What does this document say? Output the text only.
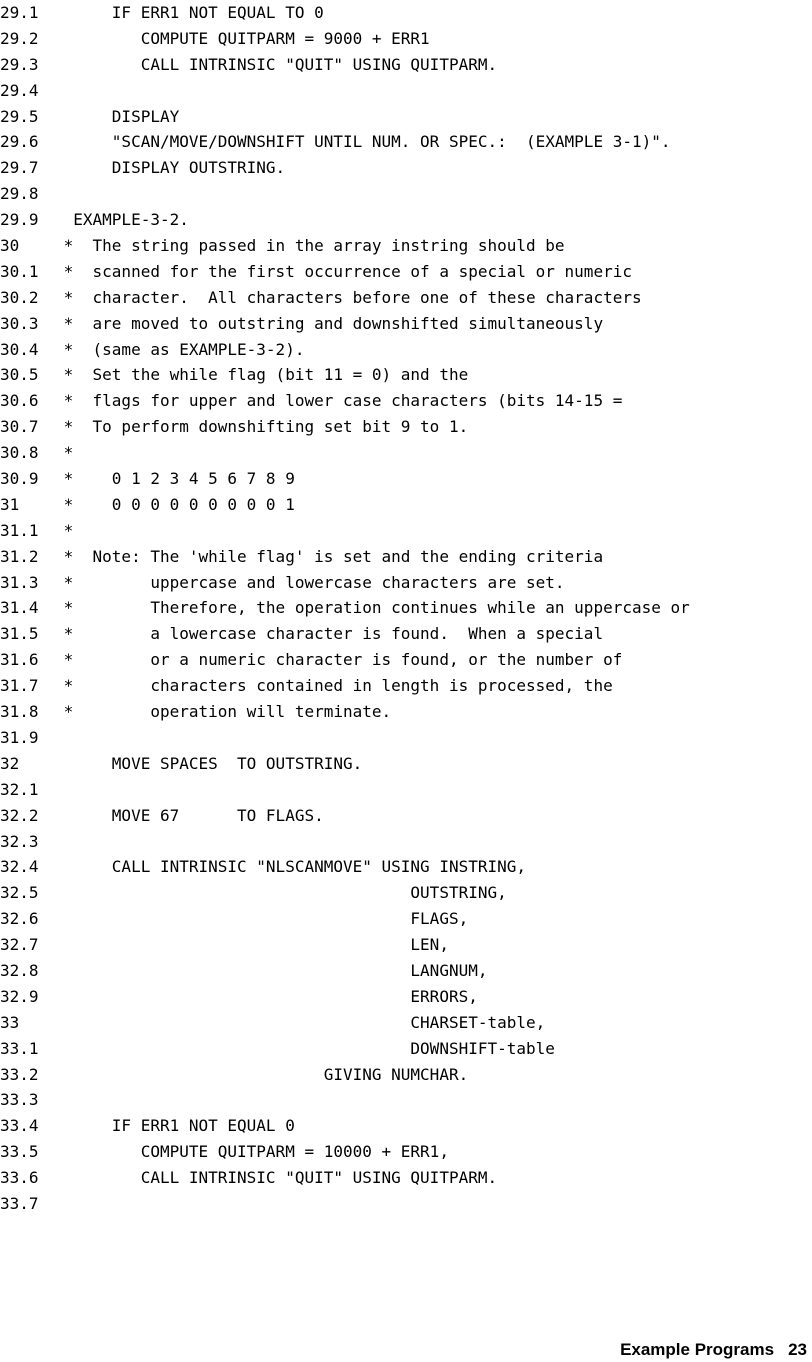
29.1 IF ERR1 NOT EQUAL TO 0
29.2 COMPUTE QUITPARM = 9000 + ERR1
29.3 CALL INTRINSIC "QUIT" USING QUITPARM.
29.4
29.5 DISPLAY
29.6 "SCAN/MOVE/DOWNSHIFT UNTIL NUM. OR SPEC.:  (EXAMPLE 3-1)".
29.7 DISPLAY OUTSTRING.
29.8
29.9 EXAMPLE-3-2.
30 *  The string passed in the array instring should be
30.1 *  scanned for the first occurrence of a special or numeric
30.2 *  character.  All characters before one of these characters
30.3 *  are moved to outstring and downshifted simultaneously
30.4 *  (same as EXAMPLE-3-2).
30.5 *  Set the while flag (bit 11 = 0) and the
30.6 *  flags for upper and lower case characters (bits 14-15 =
30.7 *  To perform downshifting set bit 9 to 1.
30.8 *
30.9 *    0 1 2 3 4 5 6 7 8 9
31 *    0 0 0 0 0 0 0 0 0 1
31.1 *
31.2 *  Note: The 'while flag' is set and the ending criteria
31.3 *        uppercase and lowercase characters are set.
31.4 *        Therefore, the operation continues while an uppercase or
31.5 *        a lowercase character is found.  When a special
31.6 *        or a numeric character is found, or the number of
31.7 *        characters contained in length is processed, the
31.8 *        operation will terminate.
31.9
32 MOVE SPACES  TO OUTSTRING.
32.1
32.2 MOVE 67      TO FLAGS.
32.3
32.4 CALL INTRINSIC "NLSCANMOVE" USING INSTRING,
32.5 OUTSTRING,
32.6 FLAGS,
32.7 LEN,
32.8 LANGNUM,
32.9 ERRORS,
33 CHARSET-table,
33.1 DOWNSHIFT-table
33.2 GIVING NUMCHAR.
33.3
33.4 IF ERR1 NOT EQUAL 0
33.5 COMPUTE QUITPARM = 10000 + ERR1,
33.6 CALL INTRINSIC "QUIT" USING QUITPARM.
33.7
Example Programs 23
